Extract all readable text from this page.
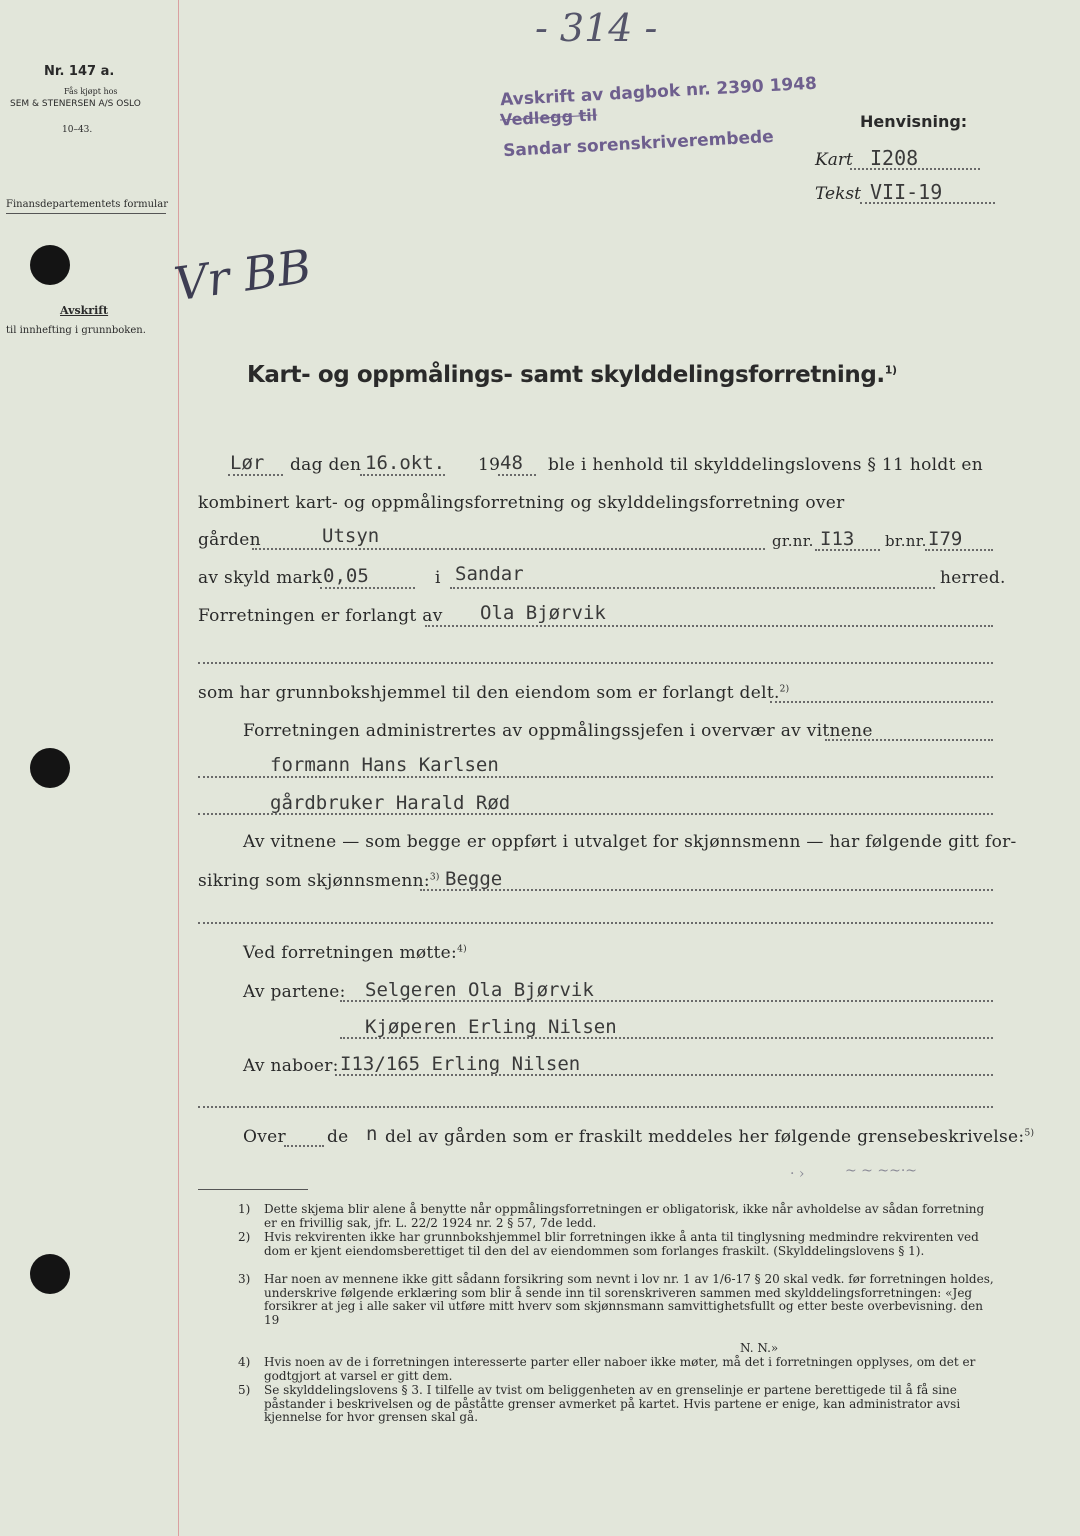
Nr. 147 a.
Fås kjøpt hos
SEM & STENERSEN A/S OSLO
10–43.
Finansdepartementets formular
Avskrift
til innhefting i grunnboken.
Vr BB
- 314 -
Avskrift av dagbok nr. 2390 1948
Vedlegg til
Sandar sorenskriverembede
Henvisning:
Kart I208
Tekst VII-19
Kart- og oppmålings- samt skylddelingsforretning.$^{1)}$
Lør dag den 16.okt. 19 48 ble i henhold til skylddelingslovens § 11 holdt en
kombinert kart- og oppmålingsforretning og skylddelingsforretning over
gården	Utsyn	gr.nr. I13 br.nr. I79
av skyld mark 0,05	i Sandar	herred.
Forretningen er forlangt av Ola Bjørvik
som har grunnbokshjemmel til den eiendom som er forlangt delt.$^{2)}$
Forretningen administrertes av oppmålingssjefen i overvær av vitnene
formann Hans Karlsen
gårdbruker Harald Rød
Av vitnene — som begge er oppført i utvalget for skjønnsmenn — har følgende gitt for-
sikring som skjønnsmenn:$^{3)}$ Begge
Ved forretningen møtte:$^{4)}$
Av partene: Selgeren Ola Bjørvik
Kjøperen Erling Nilsen
Av naboer: I13/165 Erling Nilsen
Over de n del av gården som er fraskilt meddeles her følgende grensebeskrivelse:$^{5)}$
· ›	~ ~ ~~·~
1) Dette skjema blir alene å benytte når oppmålingsforretningen er obligatorisk, ikke når avholdelse av sådan forretning er en frivillig sak, jfr. L. 22/2 1924 nr. 2 § 57, 7de ledd.
2) Hvis rekvirenten ikke har grunnbokshjemmel blir forretningen ikke å anta til tinglysning medmindre rekvirenten ved dom er kjent eiendomsberettiget til den del av eiendommen som forlanges fraskilt. (Skylddelingslovens § 1).
3) Har noen av mennene ikke gitt sådann forsikring som nevnt i lov nr. 1 av 1/6-17 § 20 skal vedk. før forretningen holdes, underskrive følgende erklæring som blir å sende inn til sorenskriveren sammen med skylddelingsforretningen: «Jeg forsikrer at jeg i alle saker vil utføre mitt hverv som skjønnsmann samvittighetsfullt og etter beste overbevisning. den 19
N. N.»
4) Hvis noen av de i forretningen interesserte parter eller naboer ikke møter, må det i forretningen opplyses, om det er godtgjort at varsel er gitt dem.
5) Se skylddelingslovens § 3. I tilfelle av tvist om beliggenheten av en grenselinje er partene berettigede til å få sine påstander i beskrivelsen og de påståtte grenser avmerket på kartet. Hvis partene er enige, kan administrator avsi kjennelse for hvor grensen skal gå.
